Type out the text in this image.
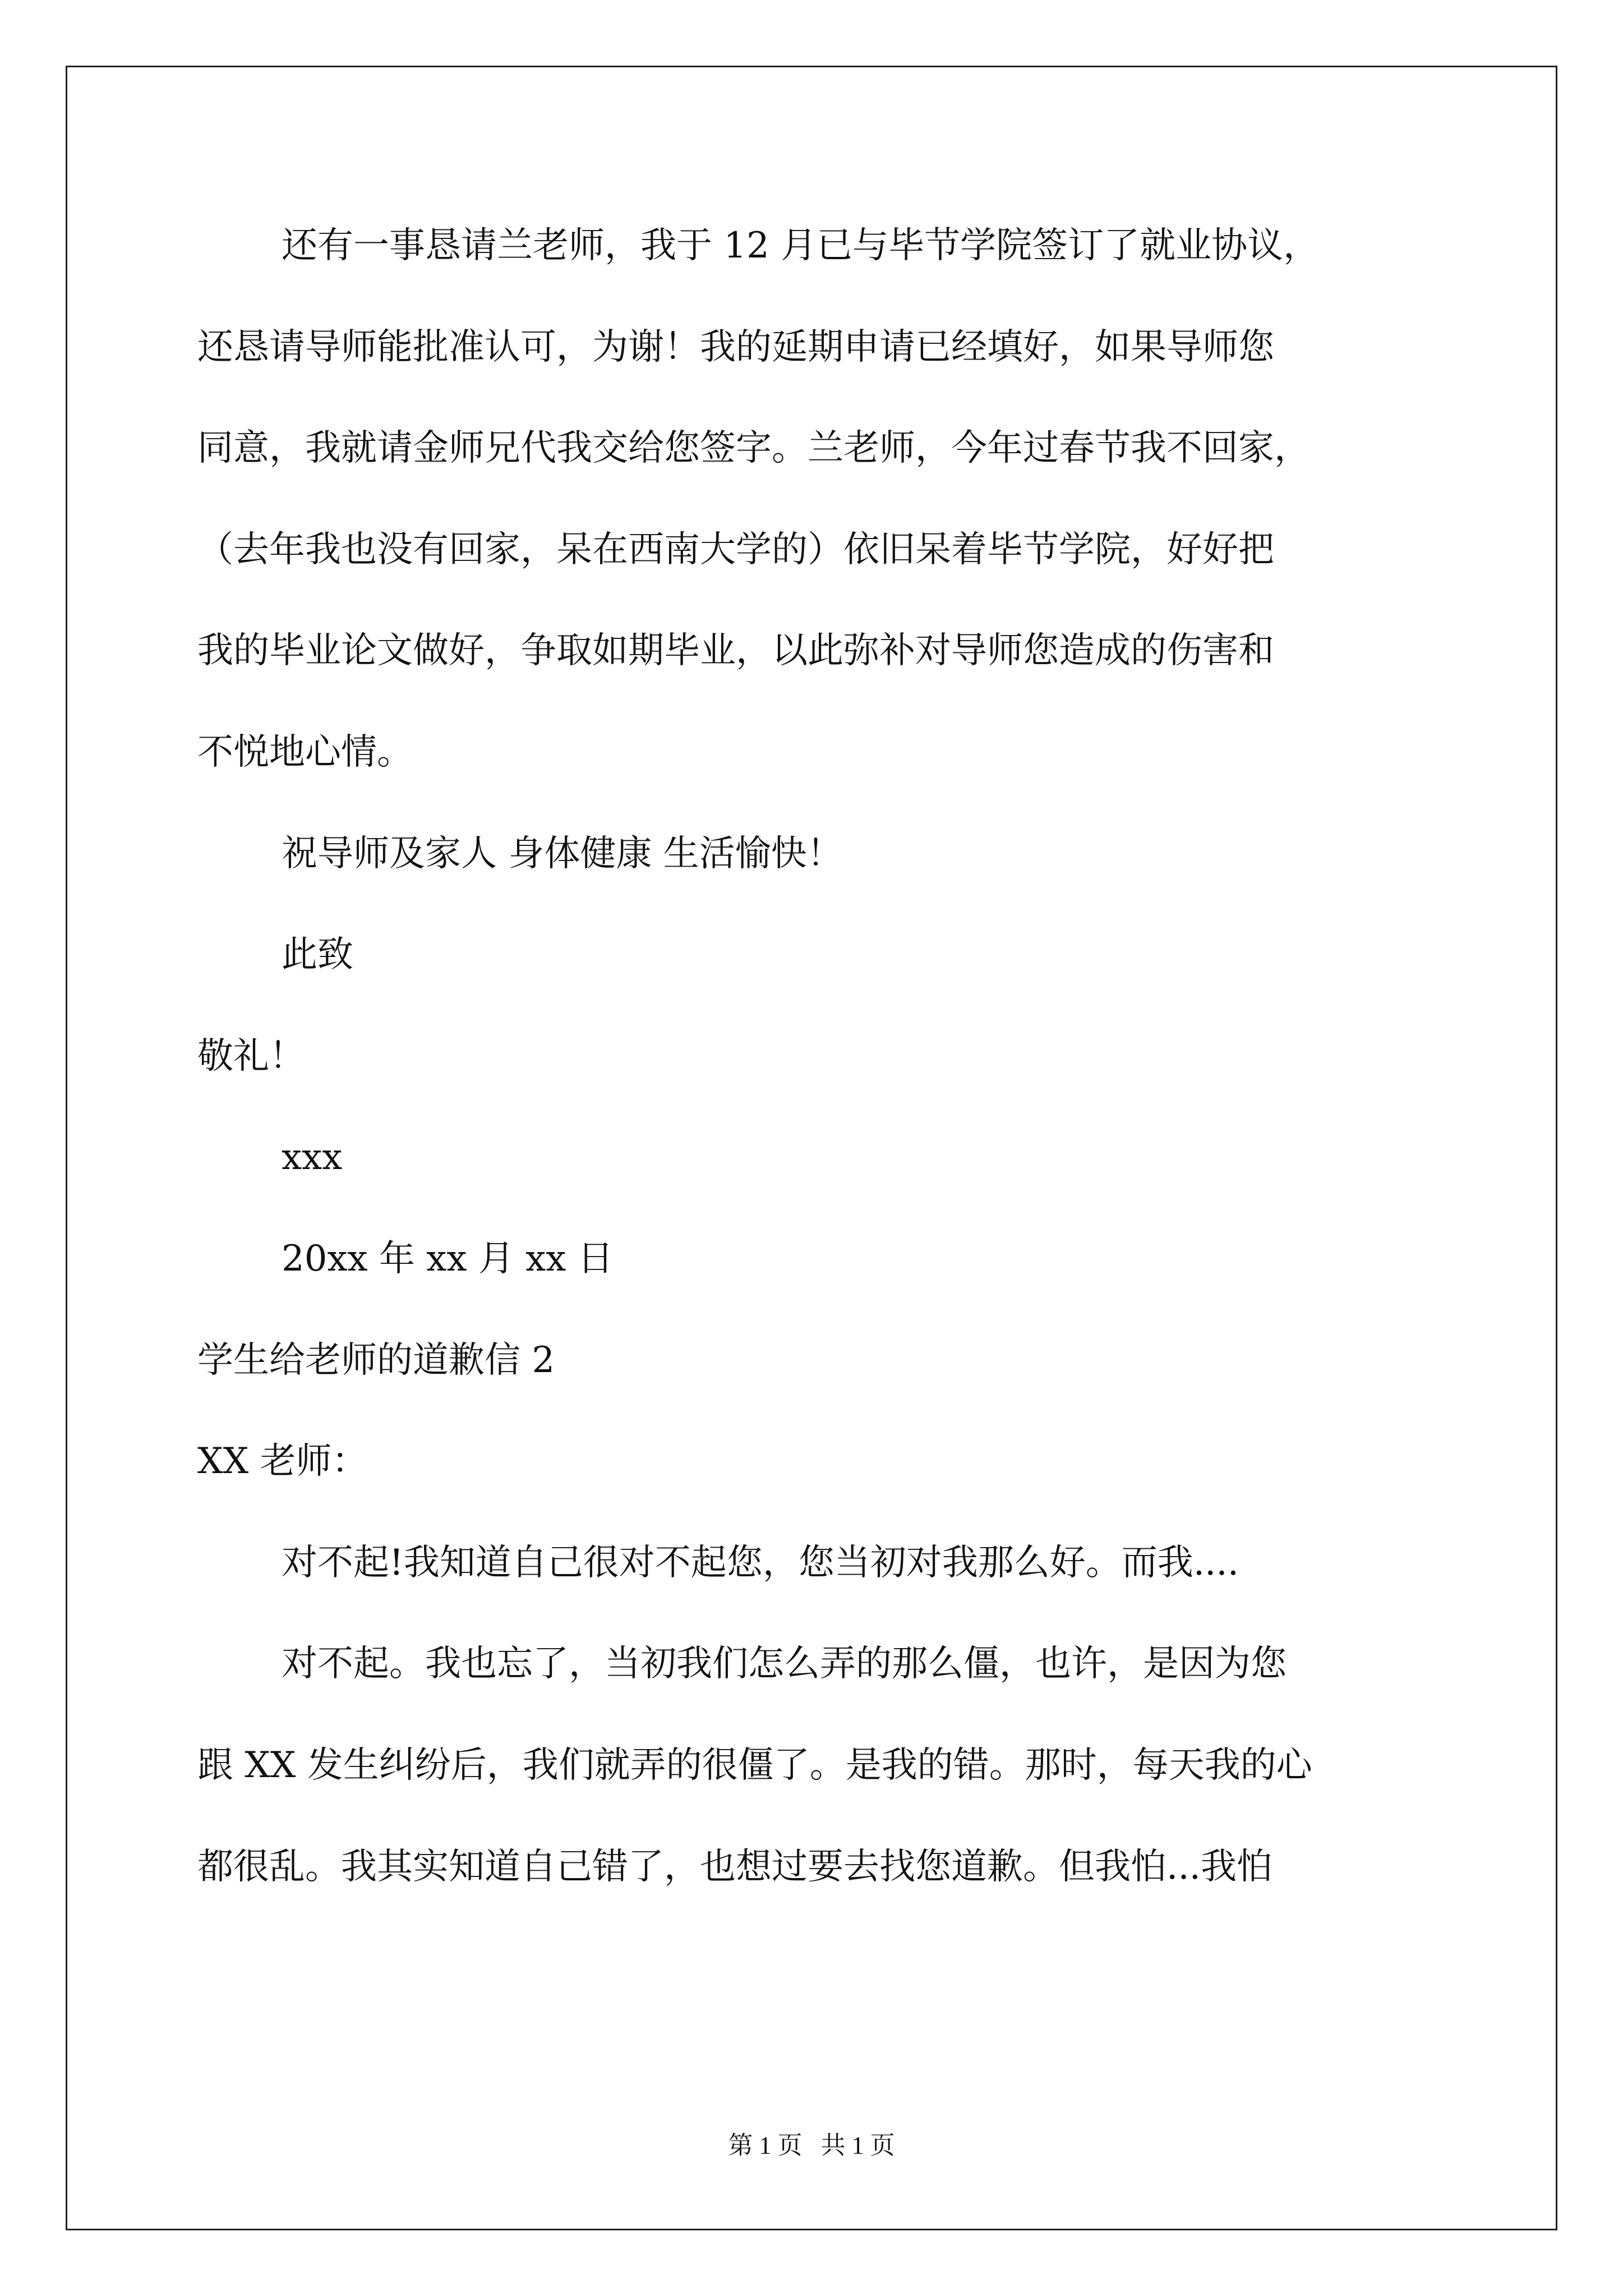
还有一事恳请兰老师，我于 12 月已与毕节学院签订了就业协议，
还恳请导师能批准认可，为谢！我的延期申请已经填好，如果导师您
同意，我就请金师兄代我交给您签字。兰老师，今年过春节我不回家，
（去年我也没有回家，呆在西南大学的）依旧呆着毕节学院，好好把
我的毕业论文做好，争取如期毕业，以此弥补对导师您造成的伤害和
不悦地心情。
祝导师及家人 身体健康 生活愉快！
此致
敬礼！
xxx
20xx 年 xx 月 xx 日
学生给老师的道歉信 2
XX 老师：
对不起!我知道自己很对不起您，您当初对我那么好。而我....
对不起。我也忘了，当初我们怎么弄的那么僵，也许，是因为您
跟 XX 发生纠纷后，我们就弄的很僵了。是我的错。那时，每天我的心
都很乱。我其实知道自己错了，也想过要去找您道歉。但我怕...我怕
第 1 页   共 1 页
